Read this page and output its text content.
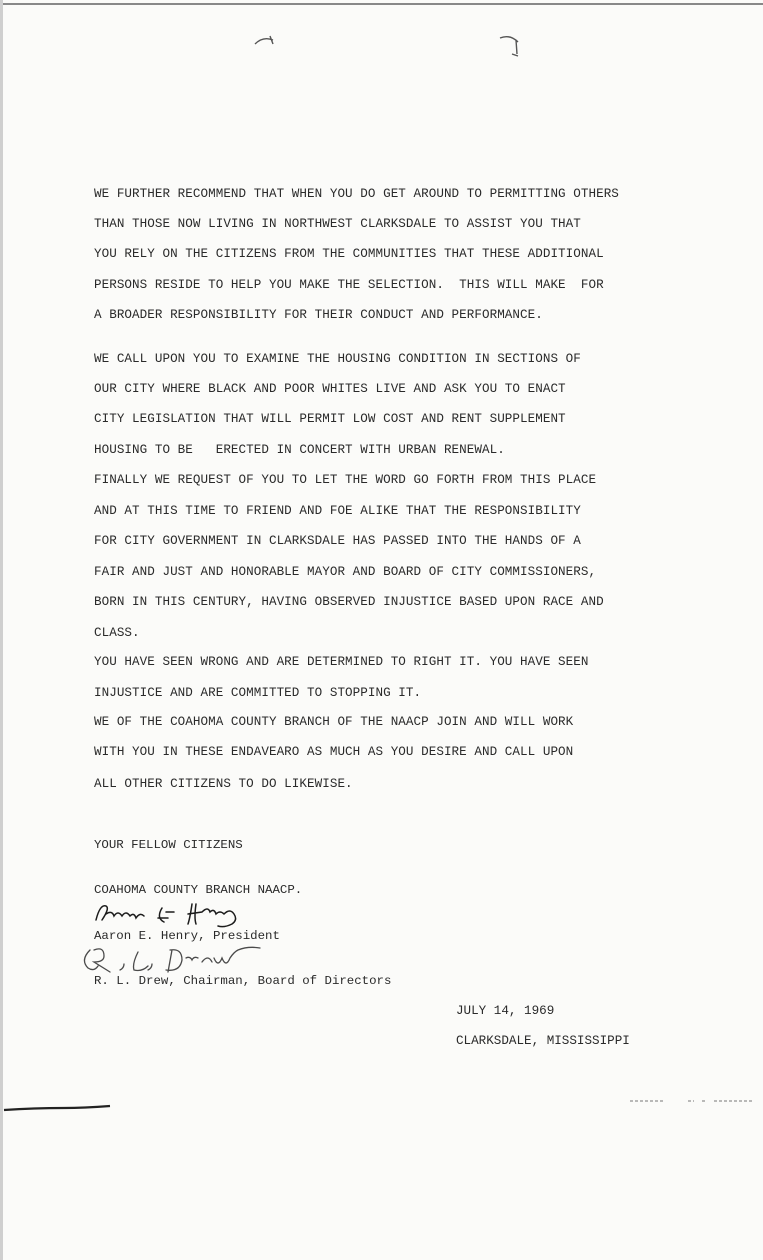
WE FURTHER RECOMMEND THAT WHEN YOU DO GET AROUND TO PERMITTING OTHERS
THAN THOSE NOW LIVING IN NORTHWEST CLARKSDALE TO ASSIST YOU THAT
YOU RELY ON THE CITIZENS FROM THE COMMUNITIES THAT THESE ADDITIONAL
PERSONS RESIDE TO HELP YOU MAKE THE SELECTION.  THIS WILL MAKE  FOR
A BROADER RESPONSIBILITY FOR THEIR CONDUCT AND PERFORMANCE.
WE CALL UPON YOU TO EXAMINE THE HOUSING CONDITION IN SECTIONS OF
OUR CITY WHERE BLACK AND POOR WHITES LIVE AND ASK YOU TO ENACT
CITY LEGISLATION THAT WILL PERMIT LOW COST AND RENT SUPPLEMENT
HOUSING TO BE   ERECTED IN CONCERT WITH URBAN RENEWAL.
FINALLY WE REQUEST OF YOU TO LET THE WORD GO FORTH FROM THIS PLACE
AND AT THIS TIME TO FRIEND AND FOE ALIKE THAT THE RESPONSIBILITY
FOR CITY GOVERNMENT IN CLARKSDALE HAS PASSED INTO THE HANDS OF A
FAIR AND JUST AND HONORABLE MAYOR AND BOARD OF CITY COMMISSIONERS,
BORN IN THIS CENTURY, HAVING OBSERVED INJUSTICE BASED UPON RACE AND
CLASS.
YOU HAVE SEEN WRONG AND ARE DETERMINED TO RIGHT IT. YOU HAVE SEEN
INJUSTICE AND ARE COMMITTED TO STOPPING IT.
WE OF THE COAHOMA COUNTY BRANCH OF THE NAACP JOIN AND WILL WORK
WITH YOU IN THESE ENDAVEARO AS MUCH AS YOU DESIRE AND CALL UPON
ALL OTHER CITIZENS TO DO LIKEWISE.
YOUR FELLOW CITIZENS
COAHOMA COUNTY BRANCH NAACP.
Aaron E. Henry, President
R. L. Drew, Chairman, Board of Directors
JULY 14, 1969
CLARKSDALE, MISSISSIPPI
